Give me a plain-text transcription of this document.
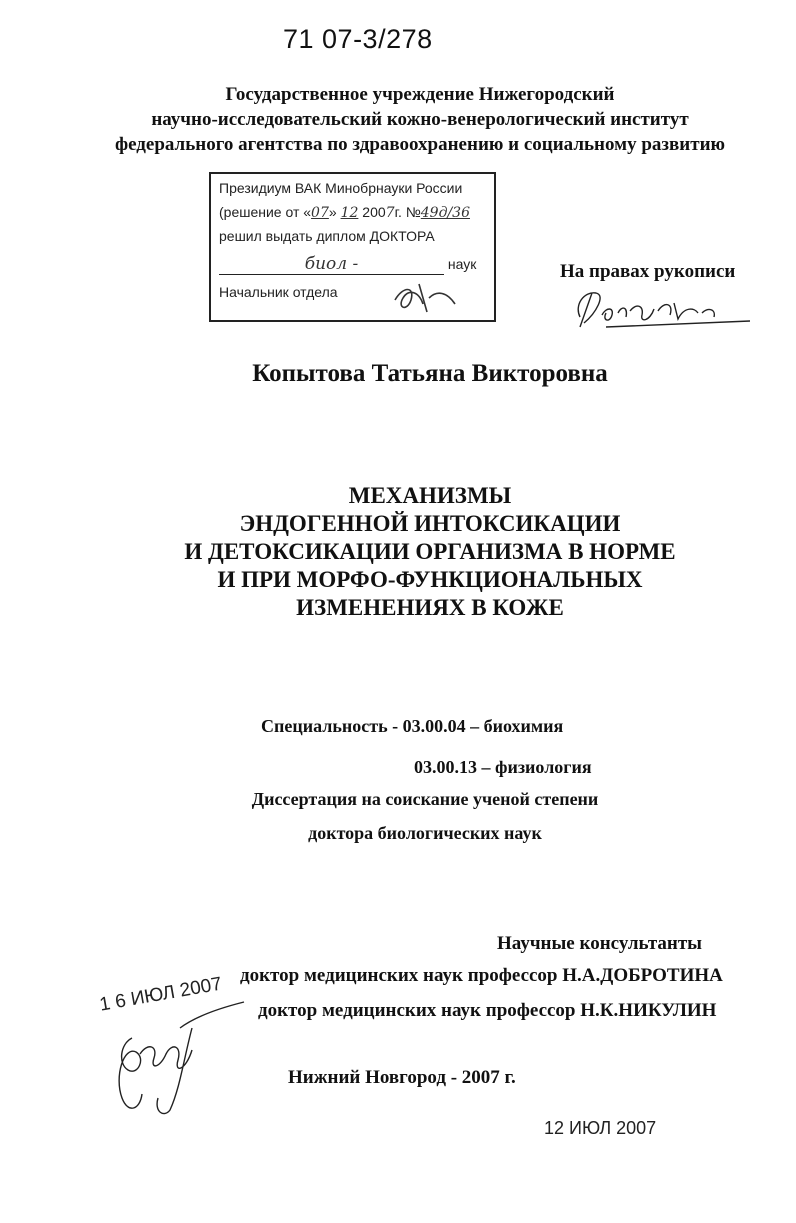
71 07-3/278
Государственное учреждение Нижегородский
научно-исследовательский кожно-венерологический институт
федерального агентства по здравоохранению и социальному развитию
Президиум ВАК Минобрнауки России
(решение от «07» 12 2007г. №49д/36
решил выдать диплом ДОКТОРА
биол -	наук
Начальник отдела
На правах рукописи
Копытова Татьяна Викторовна
МЕХАНИЗМЫ
ЭНДОГЕННОЙ ИНТОКСИКАЦИИ
И ДЕТОКСИКАЦИИ ОРГАНИЗМА В НОРМЕ
И ПРИ МОРФО-ФУНКЦИОНАЛЬНЫХ
ИЗМЕНЕНИЯХ В КОЖЕ
Специальность - 03.00.04 – биохимия
03.00.13 – физиология
Диссертация на соискание ученой степени
доктора биологических наук
Научные консультанты
доктор медицинских наук профессор Н.А.ДОБРОТИНА
доктор медицинских наук профессор Н.К.НИКУЛИН
1 6 ИЮЛ 2007
Нижний Новгород - 2007 г.
12 ИЮЛ 2007
